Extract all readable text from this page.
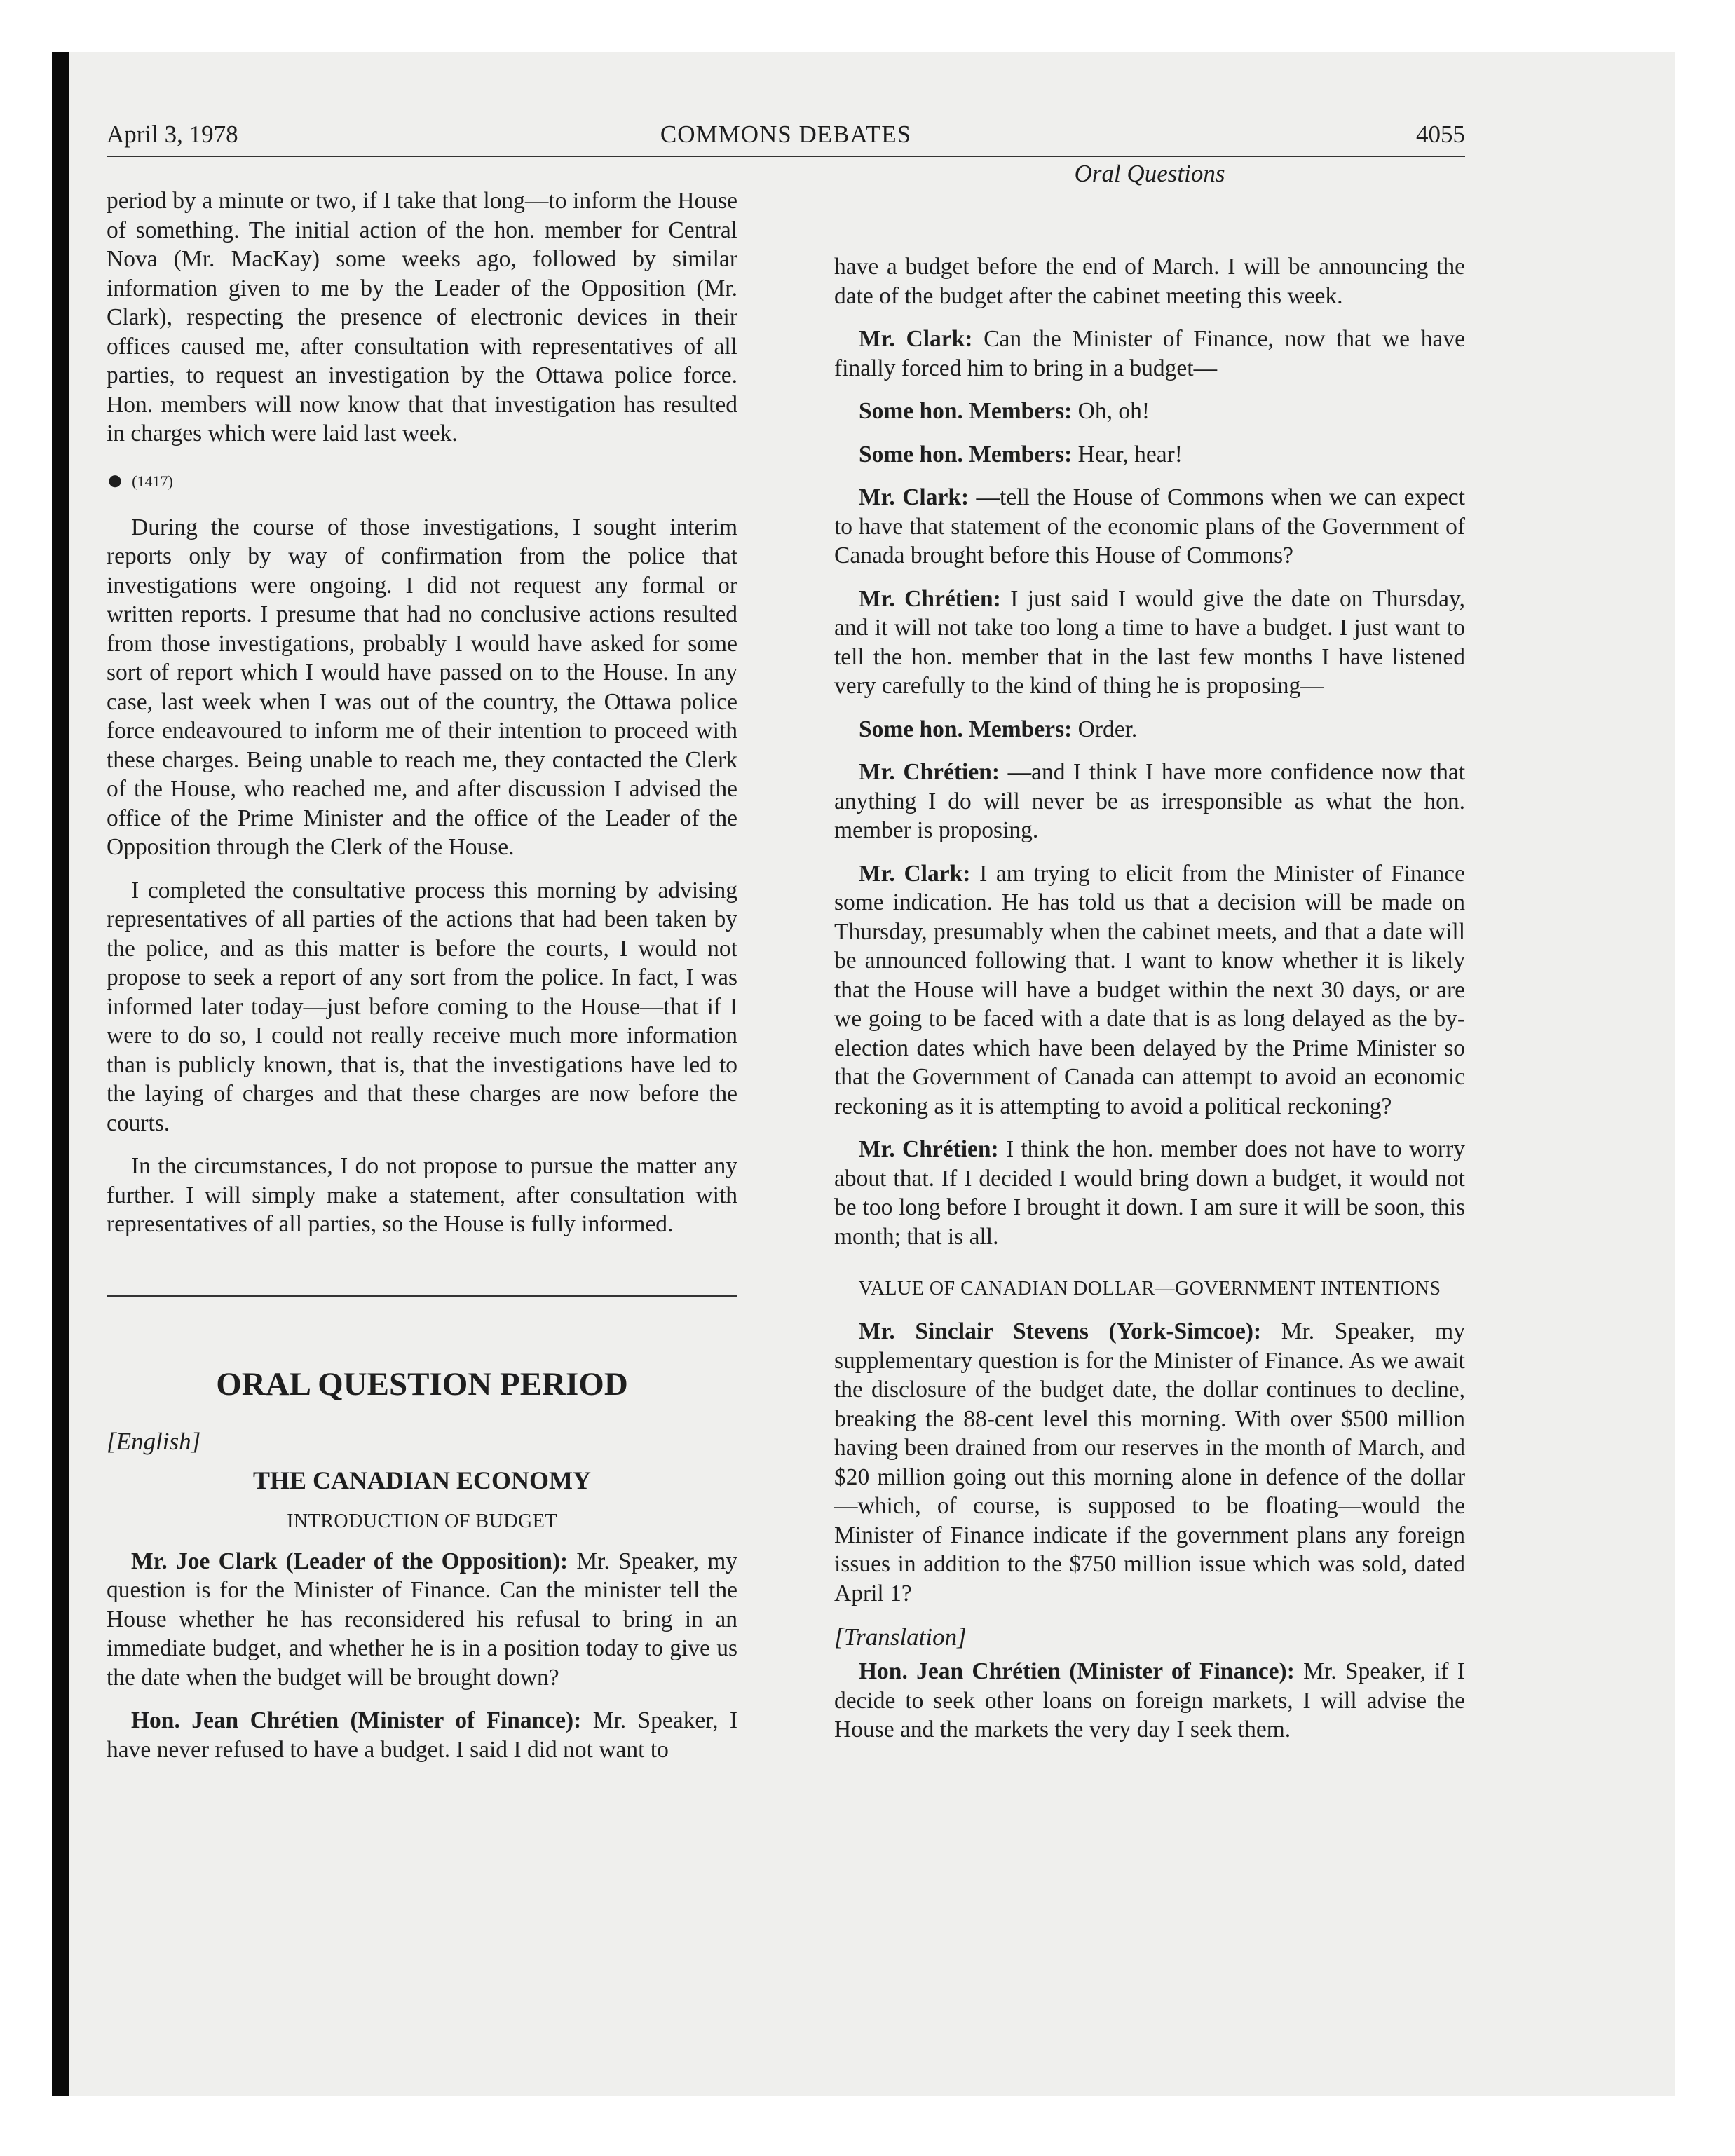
April 3, 1978	COMMONS DEBATES	4055
Oral Questions

period by a minute or two, if I take that long—to inform the House of something. The initial action of the hon. member for Central Nova (Mr. MacKay) some weeks ago, followed by similar information given to me by the Leader of the Opposition (Mr. Clark), respecting the presence of electronic devices in their offices caused me, after consultation with representatives of all parties, to request an investigation by the Ottawa police force. Hon. members will now know that that investigation has resulted in charges which were laid last week.

● (1417)

During the course of those investigations, I sought interim reports only by way of confirmation from the police that investigations were ongoing. I did not request any formal or written reports. I presume that had no conclusive actions resulted from those investigations, probably I would have asked for some sort of report which I would have passed on to the House. In any case, last week when I was out of the country, the Ottawa police force endeavoured to inform me of their intention to proceed with these charges. Being unable to reach me, they contacted the Clerk of the House, who reached me, and after discussion I advised the office of the Prime Minister and the office of the Leader of the Opposition through the Clerk of the House.

I completed the consultative process this morning by advising representatives of all parties of the actions that had been taken by the police, and as this matter is before the courts, I would not propose to seek a report of any sort from the police. In fact, I was informed later today—just before coming to the House—that if I were to do so, I could not really receive much more information than is publicly known, that is, that the investigations have led to the laying of charges and that these charges are now before the courts.

In the circumstances, I do not propose to pursue the matter any further. I will simply make a statement, after consultation with representatives of all parties, so the House is fully informed.

ORAL QUESTION PERIOD
[English]
THE CANADIAN ECONOMY
INTRODUCTION OF BUDGET

Mr. Joe Clark (Leader of the Opposition): Mr. Speaker, my question is for the Minister of Finance. Can the minister tell the House whether he has reconsidered his refusal to bring in an immediate budget, and whether he is in a position today to give us the date when the budget will be brought down?

Hon. Jean Chrétien (Minister of Finance): Mr. Speaker, I have never refused to have a budget. I said I did not want to

have a budget before the end of March. I will be announcing the date of the budget after the cabinet meeting this week.

Mr. Clark: Can the Minister of Finance, now that we have finally forced him to bring in a budget—

Some hon. Members: Oh, oh!

Some hon. Members: Hear, hear!

Mr. Clark: —tell the House of Commons when we can expect to have that statement of the economic plans of the Government of Canada brought before this House of Commons?

Mr. Chrétien: I just said I would give the date on Thursday, and it will not take too long a time to have a budget. I just want to tell the hon. member that in the last few months I have listened very carefully to the kind of thing he is proposing—

Some hon. Members: Order.

Mr. Chrétien: —and I think I have more confidence now that anything I do will never be as irresponsible as what the hon. member is proposing.

Mr. Clark: I am trying to elicit from the Minister of Finance some indication. He has told us that a decision will be made on Thursday, presumably when the cabinet meets, and that a date will be announced following that. I want to know whether it is likely that the House will have a budget within the next 30 days, or are we going to be faced with a date that is as long delayed as the by-election dates which have been delayed by the Prime Minister so that the Government of Canada can attempt to avoid an economic reckoning as it is attempting to avoid a political reckoning?

Mr. Chrétien: I think the hon. member does not have to worry about that. If I decided I would bring down a budget, it would not be too long before I brought it down. I am sure it will be soon, this month; that is all.

VALUE OF CANADIAN DOLLAR—GOVERNMENT INTENTIONS

Mr. Sinclair Stevens (York-Simcoe): Mr. Speaker, my supplementary question is for the Minister of Finance. As we await the disclosure of the budget date, the dollar continues to decline, breaking the 88-cent level this morning. With over $500 million having been drained from our reserves in the month of March, and $20 million going out this morning alone in defence of the dollar—which, of course, is supposed to be floating—would the Minister of Finance indicate if the government plans any foreign issues in addition to the $750 million issue which was sold, dated April 1?

[Translation]

Hon. Jean Chrétien (Minister of Finance): Mr. Speaker, if I decide to seek other loans on foreign markets, I will advise the House and the markets the very day I seek them.
